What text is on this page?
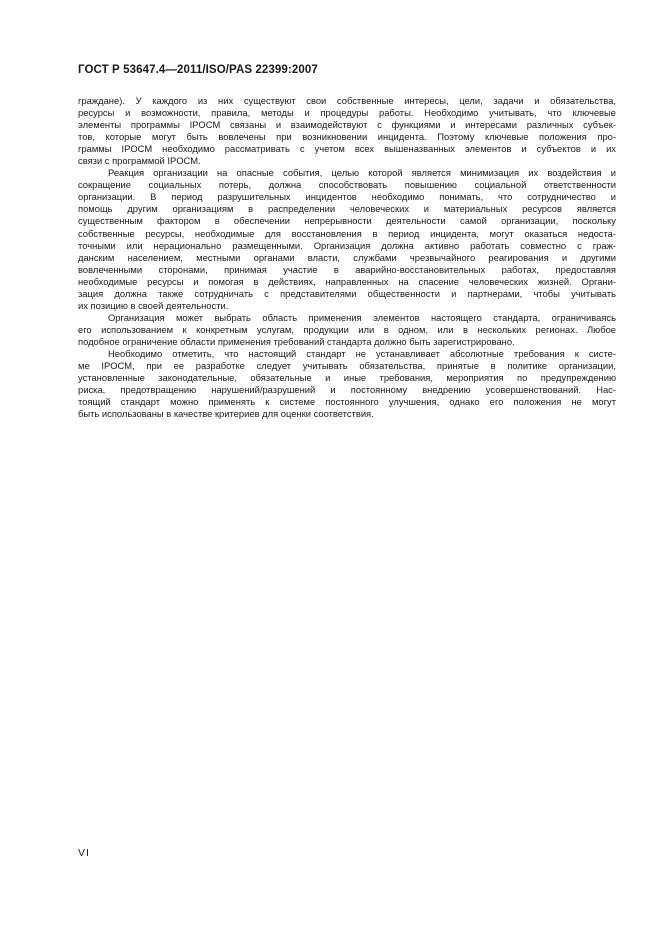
ГОСТ Р 53647.4—2011/ISO/PAS 22399:2007
граждане). У каждого из них существуют свои собственные интересы, цели, задачи и обязательства,
ресурсы и возможности, правила, методы и процедуры работы. Необходимо учитывать, что ключевые
элементы программы IPOCM связаны и взаимодействуют с функциями и интересами различных субъек-
тов, которые могут быть вовлечены при возникновении инцидента. Поэтому ключевые положения про-
граммы IPOCM необходимо рассматривать с учетом всех вышеназванных элементов и субъектов и их
связи с программой IPOCM.
Реакция организации на опасные события, целью которой является минимизация их воздействия и
сокращение социальных потерь, должна способствовать повышению социальной ответственности
организации. В период разрушительных инцидентов необходимо понимать, что сотрудничество и
помощь другим организациям в распределении человеческих и материальных ресурсов является
существенным фактором в обеспечении непрерывности деятельности самой организации, поскольку
собственные ресурсы, необходимые для восстановления в период инцидента, могут оказаться недоста-
точными или нерационально размещенными. Организация должна активно работать совместно с граж-
данским населением, местными органами власти, службами чрезвычайного реагирования и другими
вовлеченными сторонами, принимая участие в аварийно-восстановительных работах, предоставляя
необходимые ресурсы и помогая в действиях, направленных на спасение человеческих жизней. Органи-
зация должна также сотрудничать с представителями общественности и партнерами, чтобы учитывать
их позицию в своей деятельности.
Организация может выбрать область применения элементов настоящего стандарта, ограничиваясь
его использованием к конкретным услугам, продукции или в одном, или в нескольких регионах. Любое
подобное ограничение области применения требований стандарта должно быть зарегистрировано.
Необходимо отметить, что настоящий стандарт не устанавливает абсолютные требования к систе-
ме IPOCM, при ее разработке следует учитывать обязательства, принятые в политике организации,
установленные законодательные, обязательные и иные требования, мероприятия по предупреждению
риска, предотвращению нарушений/разрушений и постоянному внедрению усовершенствований. Нас-
тоящий стандарт можно применять к системе постоянного улучшения, однако его положения не могут
быть использованы в качестве критериев для оценки соответствия.
VI
